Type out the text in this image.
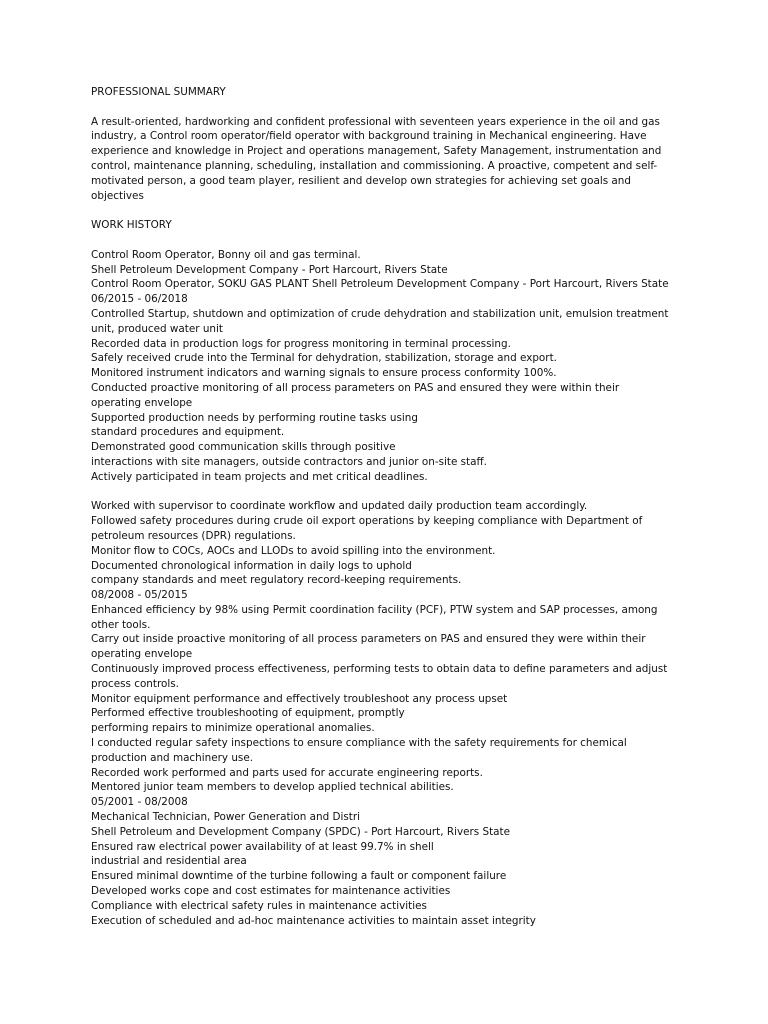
PROFESSIONAL SUMMARY
A result-oriented, hardworking and confident professional with seventeen years experience in the oil and gas
industry, a Control room operator/field operator with background training in Mechanical engineering. Have
experience and knowledge in Project and operations management, Safety Management, instrumentation and
control, maintenance planning, scheduling, installation and commissioning. A proactive, competent and self-
motivated person, a good team player, resilient and develop own strategies for achieving set goals and
objectives
WORK HISTORY
Control Room Operator, Bonny oil and gas terminal.
Shell Petroleum Development Company - Port Harcourt, Rivers State
Control Room Operator, SOKU GAS PLANT Shell Petroleum Development Company - Port Harcourt, Rivers State
06/2015 - 06/2018
Controlled Startup, shutdown and optimization of crude dehydration and stabilization unit, emulsion treatment
unit, produced water unit
Recorded data in production logs for progress monitoring in terminal processing.
Safely received crude into the Terminal for dehydration, stabilization, storage and export.
Monitored instrument indicators and warning signals to ensure process conformity 100%.
Conducted proactive monitoring of all process parameters on PAS and ensured they were within their
operating envelope
Supported production needs by performing routine tasks using
standard procedures and equipment.
Demonstrated good communication skills through positive
interactions with site managers, outside contractors and junior on-site staff.
Actively participated in team projects and met critical deadlines.
Worked with supervisor to coordinate workflow and updated daily production team accordingly.
Followed safety procedures during crude oil export operations by keeping compliance with Department of
petroleum resources (DPR) regulations.
Monitor flow to COCs, AOCs and LLODs to avoid spilling into the environment.
Documented chronological information in daily logs to uphold
company standards and meet regulatory record-keeping requirements.
08/2008 - 05/2015
Enhanced efficiency by 98% using Permit coordination facility (PCF), PTW system and SAP processes, among
other tools.
Carry out inside proactive monitoring of all process parameters on PAS and ensured they were within their
operating envelope
Continuously improved process effectiveness, performing tests to obtain data to define parameters and adjust
process controls.
Monitor equipment performance and effectively troubleshoot any process upset
Performed effective troubleshooting of equipment, promptly
performing repairs to minimize operational anomalies.
I conducted regular safety inspections to ensure compliance with the safety requirements for chemical
production and machinery use.
Recorded work performed and parts used for accurate engineering reports.
Mentored junior team members to develop applied technical abilities.
05/2001 - 08/2008
Mechanical Technician, Power Generation and Distri
Shell Petroleum and Development Company (SPDC) - Port Harcourt, Rivers State
Ensured raw electrical power availability of at least 99.7% in shell
industrial and residential area
Ensured minimal downtime of the turbine following a fault or component failure
Developed works cope and cost estimates for maintenance activities
Compliance with electrical safety rules in maintenance activities
Execution of scheduled and ad-hoc maintenance activities to maintain asset integrity
